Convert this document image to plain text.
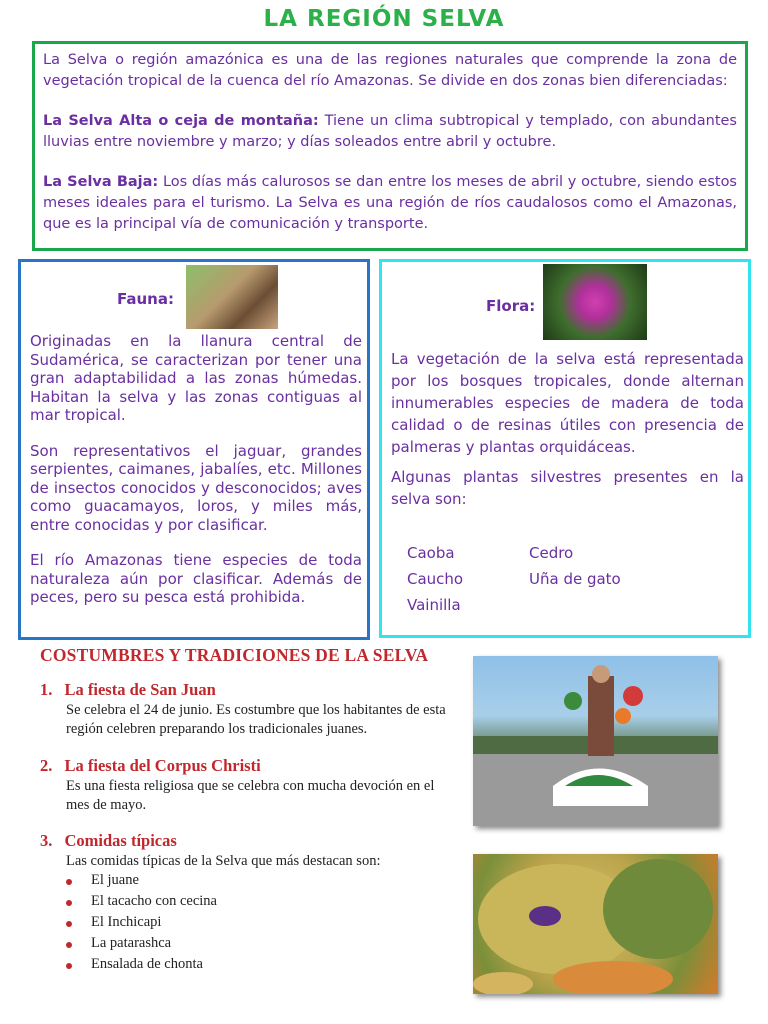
LA REGIÓN SELVA

La Selva o región amazónica es una de las regiones naturales que comprende la zona de vegetación tropical de la cuenca del río Amazonas. Se divide en dos zonas bien diferenciadas:

La Selva Alta o ceja de montaña: Tiene un clima subtropical y templado, con abundantes lluvias entre noviembre y marzo; y días soleados entre abril y octubre.

La Selva Baja: Los días más calurosos se dan entre los meses de abril y octubre, siendo estos meses ideales para el turismo. La Selva es una región de ríos caudalosos como el Amazonas, que es la principal vía de comunicación y transporte.

Fauna:

Originadas en la llanura central de Sudamérica, se caracterizan por tener una gran adaptabilidad a las zonas húmedas. Habitan la selva y las zonas contiguas al mar tropical.

Son representativos el jaguar, grandes serpientes, caimanes, jabalíes, etc. Millones de insectos conocidos y desconocidos; aves como guacamayos, loros, y miles más, entre conocidas y por clasificar.

El río Amazonas tiene especies de toda naturaleza aún por clasificar. Además de peces, pero su pesca está prohibida.

Flora:

La vegetación de la selva está representada por los bosques tropicales, donde alternan innumerables especies de madera de toda calidad o de resinas útiles con presencia de palmeras y plantas orquidáceas.

Algunas plantas silvestres presentes en la selva son:

Caoba	Cedro
Caucho	Uña de gato
Vainilla
COSTUMBRES Y TRADICIONES DE LA SELVA
1. La fiesta de San Juan
Se celebra el 24 de junio. Es costumbre que los habitantes de esta región celebren preparando los tradicionales juanes.
2. La fiesta del Corpus Christi
Es una fiesta religiosa que se celebra con mucha devoción en el mes de mayo.
3. Comidas típicas
Las comidas típicas de la Selva que más destacan son:
El juane
El tacacho con cecina
El Inchicapi
La patarashca
Ensalada de chonta
